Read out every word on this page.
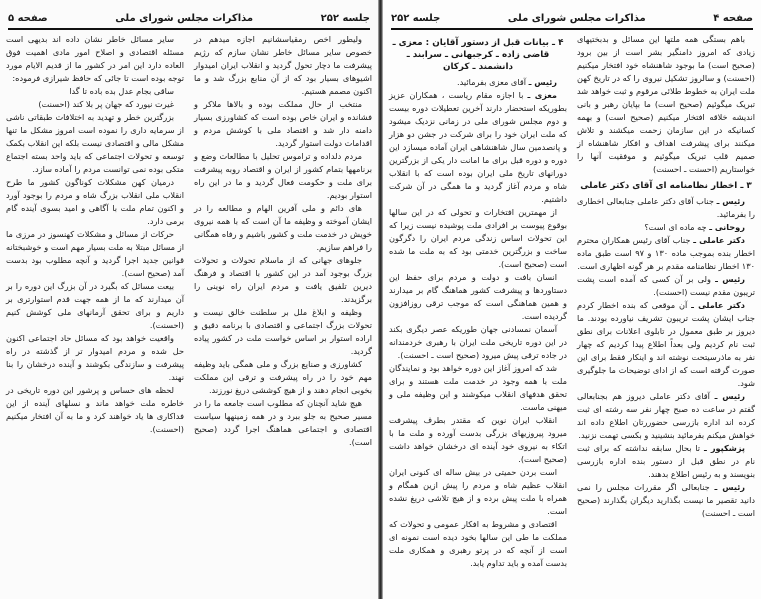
جلسه ۲۵۲
مذاکرات مجلس شورای ملی
صفحه ۵

ولیطور اخص رمقیاسشانیم اجازه میدهم در خصوص سایر مسائل خاطر نشان سازم که رژیم پیشرفت ما دچار تحول گردید و انقلاب ایران امیدوار اشیوهای بسیار بود که از آن منابع بزرگ شد و ما اکنون مصمم هستیم.

منتخب از حال مملکت بوده و بالاها ملاکر و فشانده و ایران خاص بوده است که کشاورزی بسیار دامنه دار شد و اقتصاد ملی با کوشش مردم و اقدامات دولت استوار گردید.

مردم دلداده و تراموس تحلیل با مطالعات وضع و برنامهها بتمام کشور از ایران و اقتصاد روبه پیشرفت برای ملت و حکومت فعال گردید و ما در این راه استوار بودیم.

های دائم و ملی آفرین الهام و مطالعه را در ایشان آموخته و وظیفه ما آن است که با همه نیروی خویش در خدمت ملت و کشور باشیم و رفاه همگانی را فراهم سازیم.

جلوهای جهانی که از ماسلام تحولات و تحولات بزرگ بوجود آمد در این کشور با اقتصاد و فرهنگ دیرین تلفیق یافت و مردم ایران راه نوینی را برگزیدند.

وظیفه و ابلاغ ملل بر سلطنت خالق نیست و تحولات بزرگ اجتماعی و اقتصادی با برنامه دقیق و اراده استوار بر اساس خواست ملت در کشور پیاده گردید.

کشاورزی و صنایع بزرگ و ملی همگی باید وظیفه مهم خود را در راه پیشرفت و ترقی این مملکت بخوبی انجام دهند و از هیچ کوششی دریغ نورزند.

هیچ شاید آنچنان که مطلوب است جامعه ما را در مسیر صحیح به جلو ببرد و در همه زمینهها سیاست اقتصادی و اجتماعی هماهنگ اجرا گردد (صحیح است).

سایر مسائل خاطر نشان داده اند بدیهی است مسئله اقتصادی و اصلاح امور مادی اهمیت فوق العاده دارد این امر در کشور ما از قدیم الایام مورد توجه بوده است تا جائی که حافظ شیرازی فرموده:

ساقی بجام عدل بده باده تا گدا

غیرت نیورد که جهان پر بلا کند (احسنت)

بزرگترین خطر و تهدید به اختلافات طبقاتی ناشی از سرمایه داری را نموده است امروز مشکل ما تنها مشکل مالی و اقتصادی نیست بلکه این انقلاب بکمک توسعه و تحولات اجتماعی که باید واحد بسته اجتماع متکی بوده نمی توانست مردم را آماده سازد.

درمیان کهن مشکلات کوناگون کشور ما طرح انقلاب ملی انقلاب بزرگ شاه و مردم را بوجود آورد و اکنون تمام ملت با آگاهی و امید بسوی آینده گام برمی دارد.

حرکات از مسائل و مشکلات کهنسوز در مرزی ما از مسائل مبتلا به ملت بسیار مهم است و خوشبختانه قوانین جدید اجرا گردید و آنچه مطلوب بود بدست آمد (صحیح است).

بیعت مسائل که بگیرد در آن بزرگ این دوره را بر آن میدارند که ما از همه جهت قدم استوارتری بر داریم و برای تحقق آرمانهای ملی کوشش کنیم (احسنت).

واقعیت خواهد بود که مسائل حاد اجتماعی اکنون حل شده و مردم امیدوار تر از گذشته در راه پیشرفت و سازندگی بکوشند و آینده درخشان را بنا نهند.

لحظه های حساس و پرشور این دوره تاریخی در خاطره ملت خواهد ماند و نسلهای آینده از این فداکاری ها یاد خواهند کرد و ما به آن افتخار میکنیم (احسنت).

صفحه ۴
مذاکرات مجلس شورای ملی
جلسه ۲۵۲

باهم بستگی همه ملتها این مسائل و بدبختیهای زیادی که امروز دامنگیر بشر است از بین برود (صحیح است) ما بوجود شاهنشاه خود افتخار میکنیم (احسنت) و سالروز تشکیل نیروی را که در تاریخ کهن ملت ایران به خطوط طلائی مرقوم و ثبت خواهد شد تبریک میگوئیم (صحیح است) ما بپایان رهبر و بانی اندیشه خلاقه افتخار میکنیم (صحیح است) و بهمه کسانیکه در این سازمان زحمت میکشند و تلاش میکنند برای پیشرفت اهداف و افکار شاهنشاه از صمیم قلب تبریک میگوئیم و موفقیت آنها را خواستاریم (احسنت ـ احسنت)

۳ ـ اخطار نظامنامه ای آقای دکتر عاملی

رئیس ـ جناب آقای دکتر عاملی جنابعالی اخطاری را بفرمائید.

روحانی ـ چه ماده ای است؟

دکتر عاملی ـ جناب آقای رئیس همکاران محترم اخطار بنده بموجب ماده ۱۳۰ و ۹۷ است طبق ماده ۱۳۰ اخطار نظامنامه مقدم بر هر گونه اظهاری است.

رئیس ـ ولی بر آن کسی که آمده است پشت تریبون مقدم نیست (احسنت).

دکتر عاملی ـ آن موقعی که بنده اخطار کردم جناب ایشان پشت تریبون تشریف نیاورده بودند. ما دیروز بر طبق معمول در تابلوی اعلانات برای نطق ثبت نام کردیم ولی بعداً اطلاع پیدا کردیم که چهار نفر به ماذرسیتحت نوشته اند و اینکار فقط برای این صورت گرفته است که از ادای توضیحات ما جلوگیری شود.

رئیس ـ آقای دکتر عاملی دیروز هم بجنابعالی گفتم در ساعت ده صبح چهار نفر سه رشته ای ثبت کرده اند اداره بازرسی حضوررتان اطلاع داده اند خواهش میکنم بفرمائید بنشینید و بکسی تهمت نزنید.

پزشکپور ـ تا بحال سابقه نداشته که برای ثبت نام در نطق قبل از دستور بنده اداره بازرسی بنویسند و به رئیس اطلاع بدهند.

رئیس ـ جنابعالی اگر مقررات مجلس را نمی دانید تقصیر ما نیست بگذارید دیگران بگذارند (صحیح است ـ احسنت)

۴ ـ بیانات قبل از دستور آقایان : معزی ـ قاضی زاده ـ کرجبهانی ـ سرابند ـ دانشمند ـ کرکان

رئیس ـ آقای معزی بفرمائید.

معزی ـ با اجازه مقام ریاست ، همکاران عزیز بطوریکه استحضار دارند آخرین تعطیلات دوره بیست و دوم مجلس شورای ملی در زمانی نزدیک میشود که ملت ایران خود را برای شرکت در جشن دو هزار و پانصدمین سال شاهنشاهی ایران آماده میسازد این دوره و دوره قبل برای ما امانت دار یکی از بزرگترین دورانهای تاریخ ملی ایران بوده است که با انقلاب شاه و مردم آغاز گردید و ما همگی در آن شرکت داشتیم.

از مهمترین افتخارات و تحولی که در این سالها بوقوع پیوست بر افرادی ملت پوشیده نیست زیرا که این تحولات اساس زندگی مردم ایران را دگرگون ساخت و بزرگترین خدمتی بود که به ملت ما شده است (صحیح است).

انسان بافت و دولت و مردم برای حفظ این دستاوردها و پیشرفت کشور هماهنگ گام بر میدارند و همین هماهنگی است که موجب ترقی روزافزون گردیده است.

آسمان نمسادنی جهان طوریکه عصر دیگری بکند در این دوره تاریخی ملت ایران با رهبری خردمندانه در جاده ترقی پیش میرود (صحیح است ـ احسنت).

شد که امروز آغاز این دوره خواهد بود و نمایندگان ملت با همه وجود در خدمت ملت هستند و برای تحقق هدفهای انقلاب میکوشند و این وظیفه ملی و میهنی ماست.

انقلاب ایران نوین که مقتدر بطرف پیشرفت میرود پیروزیهای بزرگی بدست آورده و ملت ما با اتکاء به نیروی خود آینده ای درخشان خواهد داشت (صحیح است).

است بردن حمیتی در بیش ساله ای کنونی ایران انقلاب عظیم شاه و مردم را پیش ازین همگام و همراه با ملت پیش برده و از هیچ تلاشی دریغ نشده است.

اقتصادی و مشروط به افکار عمومی و تحولات که مملکت ما طی این سالها بخود دیده است نمونه ای است از آنچه که در پرتو رهبری و همکاری ملت بدست آمده و باید تداوم یابد.
